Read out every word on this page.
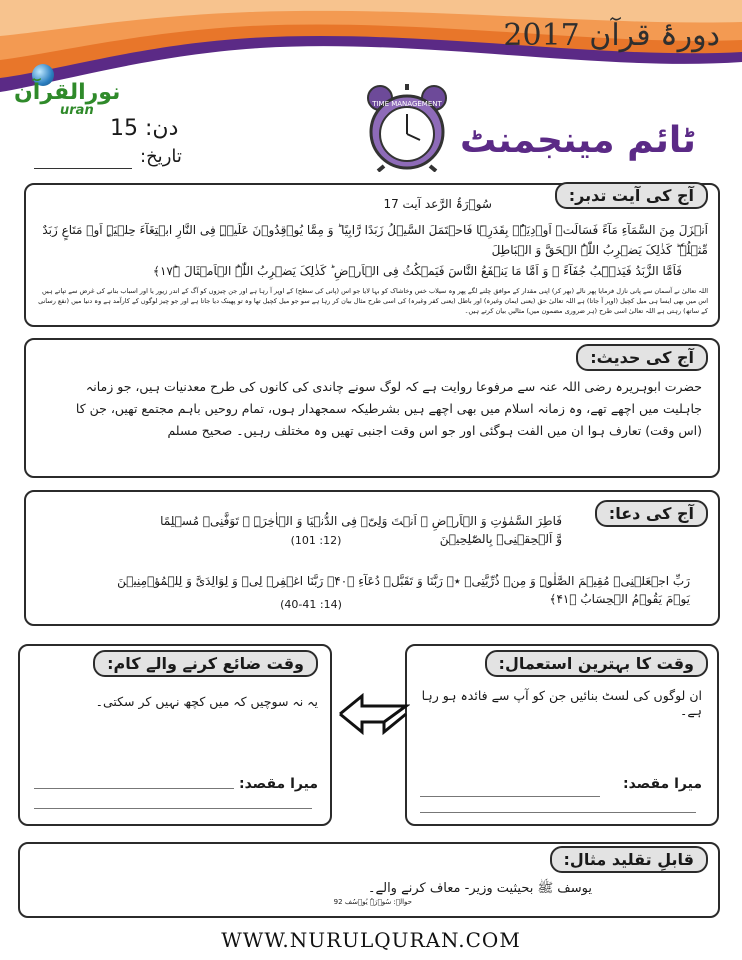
دورۂ قرآن 2017
نورالقرآن
uran	TIME MANAGEMENT
ٹائم مینجمنٹ
دن: 15
تاریخ:
آج کی آیت تدبر:
سُوۡرَۃُ الرَّعد آیت 17
اَنۡزَلَ مِنَ السَّمَآءِ مَآءً فَسَالَتۡ اَوۡدِیَۃٌۢ بِقَدَرِہَا فَاحۡتَمَلَ السَّیۡلُ زَبَدًا رَّابِیًا ؕ وَ مِمَّا یُوۡقِدُوۡنَ عَلَیۡہِ فِی النَّارِ ابۡتِغَآءَ حِلۡیَۃٍ اَوۡ مَتَاعٍ زَبَدٌ مِّثۡلُہٗ ؕ کَذٰلِکَ یَضۡرِبُ اللّٰہُ الۡحَقَّ وَ الۡبَاطِلَ
فَاَمَّا الزَّبَدُ فَیَذۡہَبُ جُفَآءً ۚ وَ اَمَّا مَا یَنۡفَعُ النَّاسَ فَیَمۡکُثُ فِی الۡاَرۡضِ ؕ کَذٰلِکَ یَضۡرِبُ اللّٰہُ الۡاَمۡثَالَ ﴿ؕ۱۷﴾
اللہ تعالیٰ نے آسمان سے پانی نازل فرمایا پھر نالے (بھر کر) اپنی مقدار کے موافق چلنے لگے پھر وہ سیلاب خس وخاشاک کو بہا لایا جو اس (پانی کی سطح) کے اوپر آ رہا ہے اور جن چیزوں کو آگ کے اندر زیور یا اور اسباب بنانے کی غرض سے تپاتے ہیں اس میں بھی ایسا ہی میل کچیل (اوپر آ جاتا) ہے اللہ تعالیٰ حق (یعنی ایمان وغیرہ) اور باطل (یعنی کفر وغیرہ) کی اسی طرح مثال بیان کر رہا ہے سو جو میل کچیل تھا وہ تو پھینک دیا جاتا ہے اور جو چیز لوگوں کے کارآمد ہے وہ دنیا میں (نفع رسانی کے ساتھ) رہتی ہے اللہ تعالیٰ اسی طرح (ہر ضروری مضمون میں) مثالیں بیان کرتے ہیں۔
آج کی حدیث:
حضرت ابوہریرہ رضی اللہ عنہ سے مرفوعا روایت ہے کہ لوگ سونے چاندی کی کانوں کی طرح معدنیات ہیں، جو زمانہ جاہلیت میں اچھے تھے، وہ زمانہ اسلام میں بھی اچھے ہیں بشرطیکہ سمجھدار ہوں، تمام روحیں باہم مجتمع تھیں، جن کا (اس وقت) تعارف ہوا ان میں الفت ہوگئی اور جو اس وقت اجنبی تھیں وہ مختلف رہیں۔ صحیح مسلم
آج کی دعا:
فَاطِرَ السَّمٰوٰتِ وَ الۡاَرۡضِ ۟ اَنۡتَ وَلِیّٖ فِی الدُّنۡیَا وَ الۡاٰخِرَۃِ ۚ تَوَفَّنِیۡ مُسۡلِمًا وَّ اَلۡحِقۡنِیۡ بِالصّٰلِحِیۡنَ
(12: 101)
رَبِّ اجۡعَلۡنِیۡ مُقِیۡمَ الصَّلٰوۃِ وَ مِنۡ ذُرِّیَّتِیۡ ٭ۖ رَبَّنَا وَ تَقَبَّلۡ دُعَآءِ ﴿۴۰﴾ رَبَّنَا اغۡفِرۡ لِیۡ وَ لِوَالِدَیَّ وَ لِلۡمُؤۡمِنِیۡنَ یَوۡمَ یَقُوۡمُ الۡحِسَابُ ﴿۴۱﴾
(14: 40-41)
وقت کا بہترین استعمال:
ان لوگوں کی لسٹ بنائیں جن کو آپ سے فائدہ ہو رہا ہے۔
میرا مقصد:
وقت ضائع کرنے والے کام:
یہ نہ سوچیں کہ میں کچھ نہیں کر سکتی۔
میرا مقصد:
قابلِ تقلید مثال:
یوسف ﷺ بحیثیت وزیر- معاف کرنے والے۔
حوالہ: سُوۡرَۃُ یُوۡسُف 92
WWW.NURULQURAN.COM
